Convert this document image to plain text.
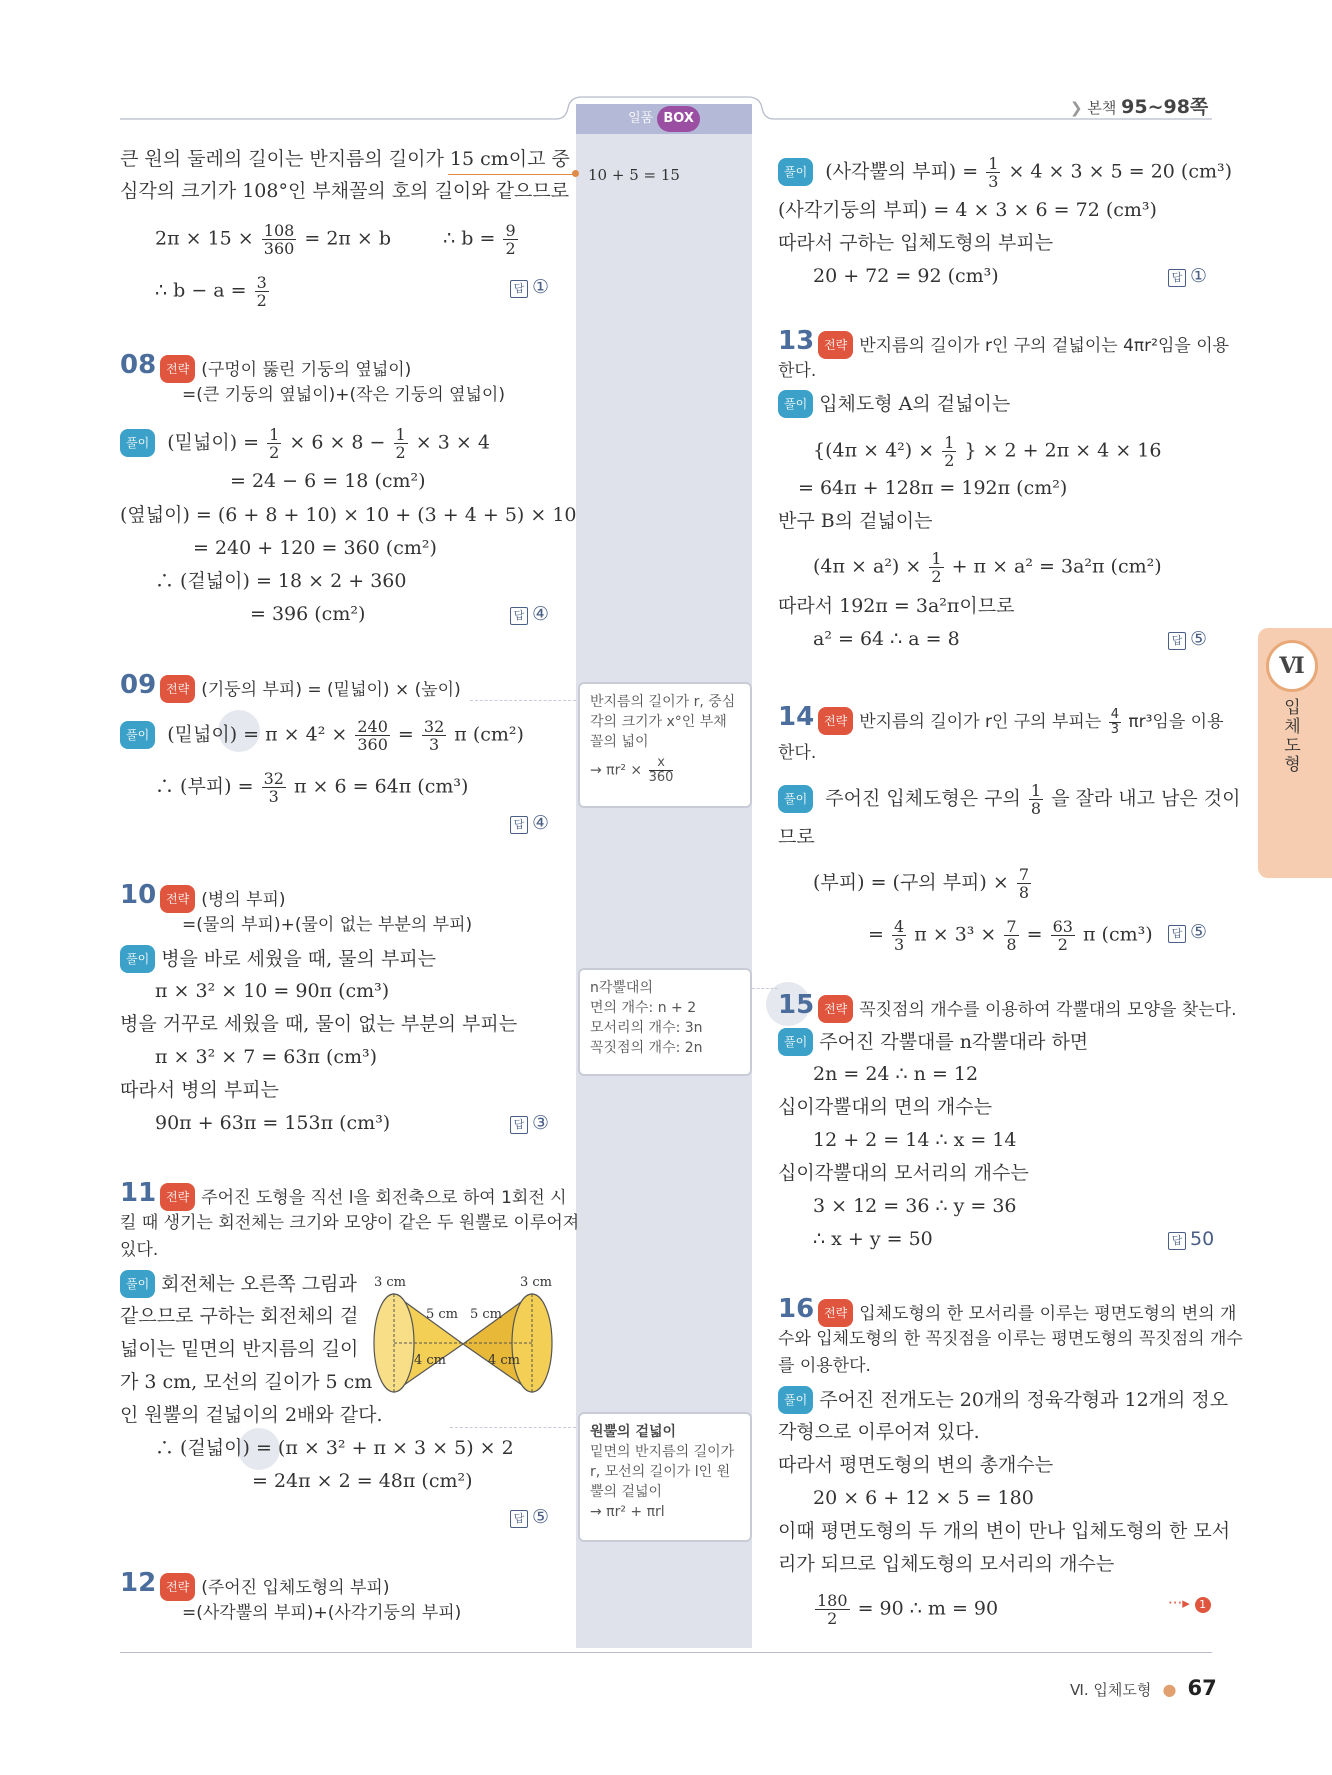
일품 BOX
❯ 본책 95~98쪽
큰 원의 둘레의 길이는 반지름의 길이가 15 cm이고 중
심각의 크기가 108°인 부채꼴의 호의 길이와 같으므로
$2\pi \times 15 \times \frac{108}{360} = 2\pi \times b$	∴ $b = \frac{9}{2}$
∴ $b - a = \frac{3}{2}$	답 ①
08 전략 (구멍이 뚫린 기둥의 옆넓이)
=(큰 기둥의 옆넓이)+(작은 기둥의 옆넓이)
풀이 (밑넓이) = $\frac{1}{2} \times 6 \times 8 - \frac{1}{2} \times 3 \times 4$
= 24 − 6 = 18 (cm²)
(옆넓이) = (6 + 8 + 10) × 10 + (3 + 4 + 5) × 10
= 240 + 120 = 360 (cm²)
∴ (겉넓이) = 18 × 2 + 360
= 396 (cm²)	답 ④
09 전략 (기둥의 부피) = (밑넓이) × (높이)
풀이 (밑넓이) = $\pi \times 4^2 \times \frac{240}{360} = \frac{32}{3}$ π (cm²)
∴ (부피) = $\frac{32}{3}$ π × 6 = 64π (cm³)
답 ④
10 전략 (병의 부피)
=(물의 부피)+(물이 없는 부분의 부피)
풀이 병을 바로 세웠을 때, 물의 부피는
π × 3² × 10 = 90π (cm³)
병을 거꾸로 세웠을 때, 물이 없는 부분의 부피는
π × 3² × 7 = 63π (cm³)
따라서 병의 부피는
90π + 63π = 153π (cm³)	답 ③
11 전략 주어진 도형을 직선 l을 회전축으로 하여 1회전 시
킬 때 생기는 회전체는 크기와 모양이 같은 두 원뿔로 이루어져
있다.
풀이 회전체는 오른쪽 그림과
같으므로 구하는 회전체의 겉
넓이는 밑면의 반지름의 길이
가 3 cm, 모선의 길이가 5 cm
인 원뿔의 겉넓이의 2배와 같다.
∴ (겉넓이) = (π × 3² + π × 3 × 5) × 2
= 24π × 2 = 48π (cm²)
답 ⑤
3 cm	3 cm
5 cm 5 cm
4 cm	4 cm
12 전략 (주어진 입체도형의 부피)
=(사각뿔의 부피)+(사각기둥의 부피)
10 + 5 = 15
반지름의 길이가 r, 중심
각의 크기가 x°인 부채
꼴의 넓이
→ $\pi r^2 \times \frac{x}{360}$
n각뿔대의
면의 개수: n + 2
모서리의 개수: 3n
꼭짓점의 개수: 2n
원뿔의 겉넓이
밑면의 반지름의 길이가
r, 모선의 길이가 l인 원
뿔의 겉넓이
→ πr² + πrl
풀이 (사각뿔의 부피) = $\frac{1}{3} \times 4 \times 3 \times 5 = 20$ (cm³)
(사각기둥의 부피) = 4 × 3 × 6 = 72 (cm³)
따라서 구하는 입체도형의 부피는
20 + 72 = 92 (cm³)	답 ①
13 전략 반지름의 길이가 r인 구의 겉넓이는 4πr²임을 이용
한다.
풀이 입체도형 A의 겉넓이는
{$(4\pi \times 4^2) \times \frac{1}{2}$ } × 2 + 2π × 4 × 16
= 64π + 128π = 192π (cm²)
반구 B의 겉넓이는
$(4\pi \times a^2) \times \frac{1}{2} + \pi \times a^2 = 3a^2\pi$ (cm²)
따라서 192π = 3a²π이므로
a² = 64 ∴ a = 8	답 ⑤
14 전략 반지름의 길이가 r인 구의 부피는 $\frac{4}{3} \pi r^3$임을 이용
한다.
풀이 주어진 입체도형은 구의 $\frac{1}{8}$ 을 잘라 내고 남은 것이
므로
(부피) = (구의 부피) × $\frac{7}{8}$
= $\frac{4}{3}$ $\pi \times 3^3 \times \frac{7}{8} = \frac{63}{2}$ π (cm³)	답 ⑤
15 전략 꼭짓점의 개수를 이용하여 각뿔대의 모양을 찾는다.
풀이 주어진 각뿔대를 n각뿔대라 하면
2n = 24 ∴ n = 12
십이각뿔대의 면의 개수는
12 + 2 = 14 ∴ x = 14
십이각뿔대의 모서리의 개수는
3 × 12 = 36 ∴ y = 36
∴ x + y = 50	답 50
16 전략 입체도형의 한 모서리를 이루는 평면도형의 변의 개
수와 입체도형의 한 꼭짓점을 이루는 평면도형의 꼭짓점의 개수
를 이용한다.
풀이 주어진 전개도는 20개의 정육각형과 12개의 정오
각형으로 이루어져 있다.
따라서 평면도형의 변의 총개수는
20 × 6 + 12 × 5 = 180
이때 평면도형의 두 개의 변이 만나 입체도형의 한 모서
리가 되므로 입체도형의 모서리의 개수는
$\frac{180}{2} = 90$ ∴ m = 90	···▸ 1
Ⅵ
입체도형
Ⅵ. 입체도형 ● 67
